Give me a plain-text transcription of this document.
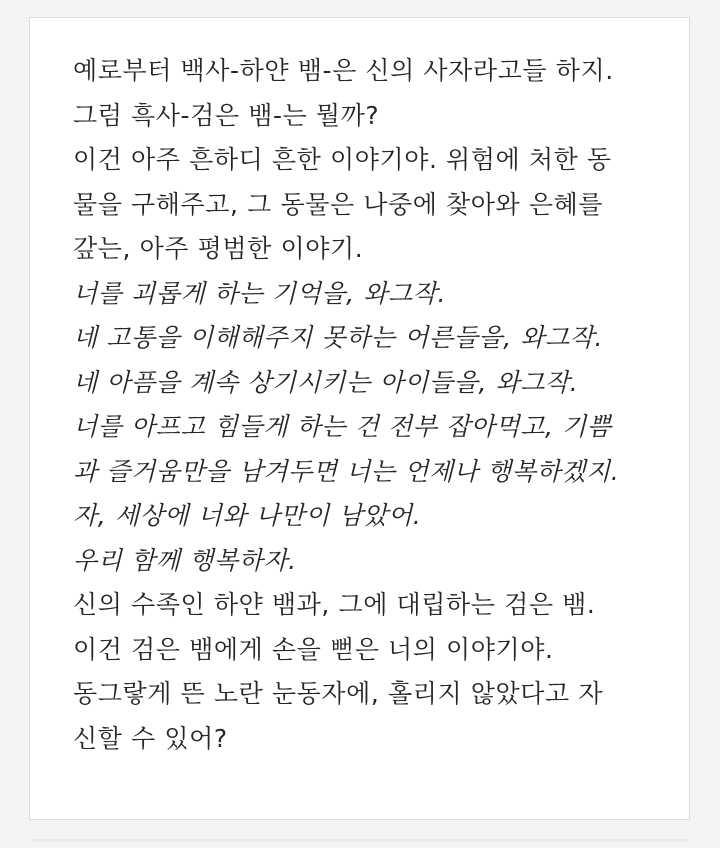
예로부터 백사-하얀 뱀-은 신의 사자라고들 하지.
그럼 흑사-검은 뱀-는 뭘까?
이건 아주 흔하디 흔한 이야기야. 위험에 처한 동
물을 구해주고, 그 동물은 나중에 찾아와 은혜를
갚는, 아주 평범한 이야기.
너를 괴롭게 하는 기억을, 와그작.
네 고통을 이해해주지 못하는 어른들을, 와그작.
네 아픔을 계속 상기시키는 아이들을, 와그작.
너를 아프고 힘들게 하는 건 전부 잡아먹고, 기쁨
과 즐거움만을 남겨두면 너는 언제나 행복하겠지.
자, 세상에 너와 나만이 남았어.
우리 함께 행복하자.
신의 수족인 하얀 뱀과, 그에 대립하는 검은 뱀.
이건 검은 뱀에게 손을 뻗은 너의 이야기야.
동그랗게 뜬 노란 눈동자에, 홀리지 않았다고 자
신할 수 있어?
